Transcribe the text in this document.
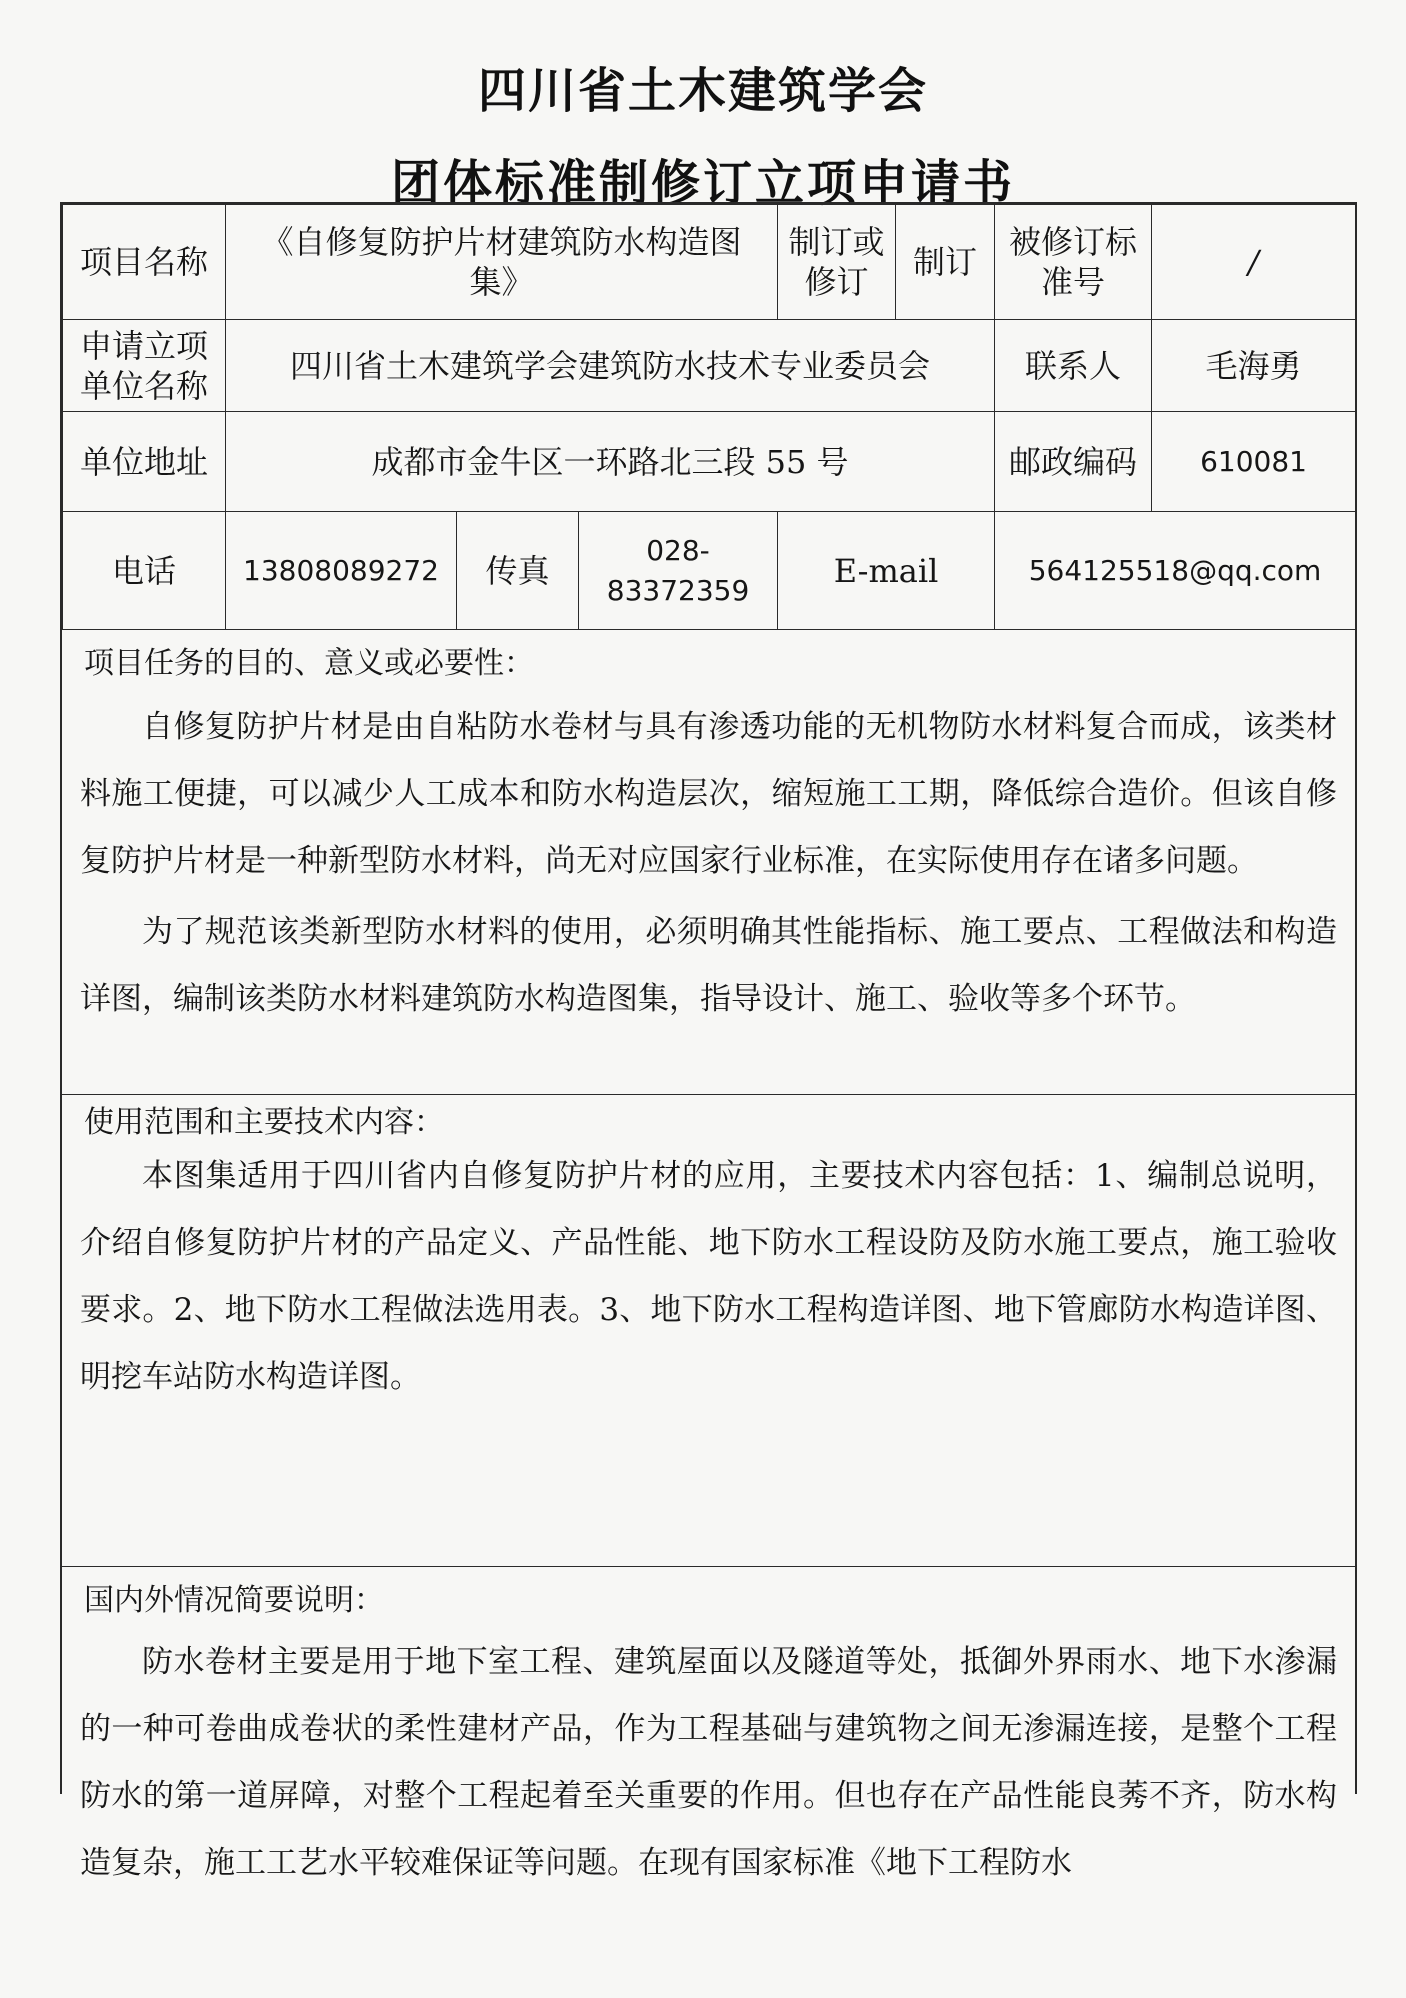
四川省土木建筑学会
团体标准制修订立项申请书
项目名称	《自修复防护片材建筑防水构造图集》			制订或修订	制订	被修订标准号	/
申请立项单位名称	四川省土木建筑学会建筑防水技术专业委员会					联系人	毛海勇
单位地址	成都市金牛区一环路北三段 55 号					邮政编码	610081
电话	13808089272	传真	028-83372359	E-mail		564125518@qq.com	
项目任务的目的、意义或必要性：

自修复防护片材是由自粘防水卷材与具有渗透功能的无机物防水材料复合而成，该类材料施工便捷，可以减少人工成本和防水构造层次，缩短施工工期，降低综合造价。但该自修复防护片材是一种新型防水材料，尚无对应国家行业标准，在实际使用存在诸多问题。

为了规范该类新型防水材料的使用，必须明确其性能指标、施工要点、工程做法和构造详图，编制该类防水材料建筑防水构造图集，指导设计、施工、验收等多个环节。

使用范围和主要技术内容：

本图集适用于四川省内自修复防护片材的应用，主要技术内容包括：1、编制总说明，介绍自修复防护片材的产品定义、产品性能、地下防水工程设防及防水施工要点，施工验收要求。2、地下防水工程做法选用表。3、地下防水工程构造详图、地下管廊防水构造详图、明挖车站防水构造详图。

国内外情况简要说明：

防水卷材主要是用于地下室工程、建筑屋面以及隧道等处，抵御外界雨水、地下水渗漏的一种可卷曲成卷状的柔性建材产品，作为工程基础与建筑物之间无渗漏连接，是整个工程防水的第一道屏障，对整个工程起着至关重要的作用。但也存在产品性能良莠不齐，防水构造复杂，施工工艺水平较难保证等问题。在现有国家标准《地下工程防水
